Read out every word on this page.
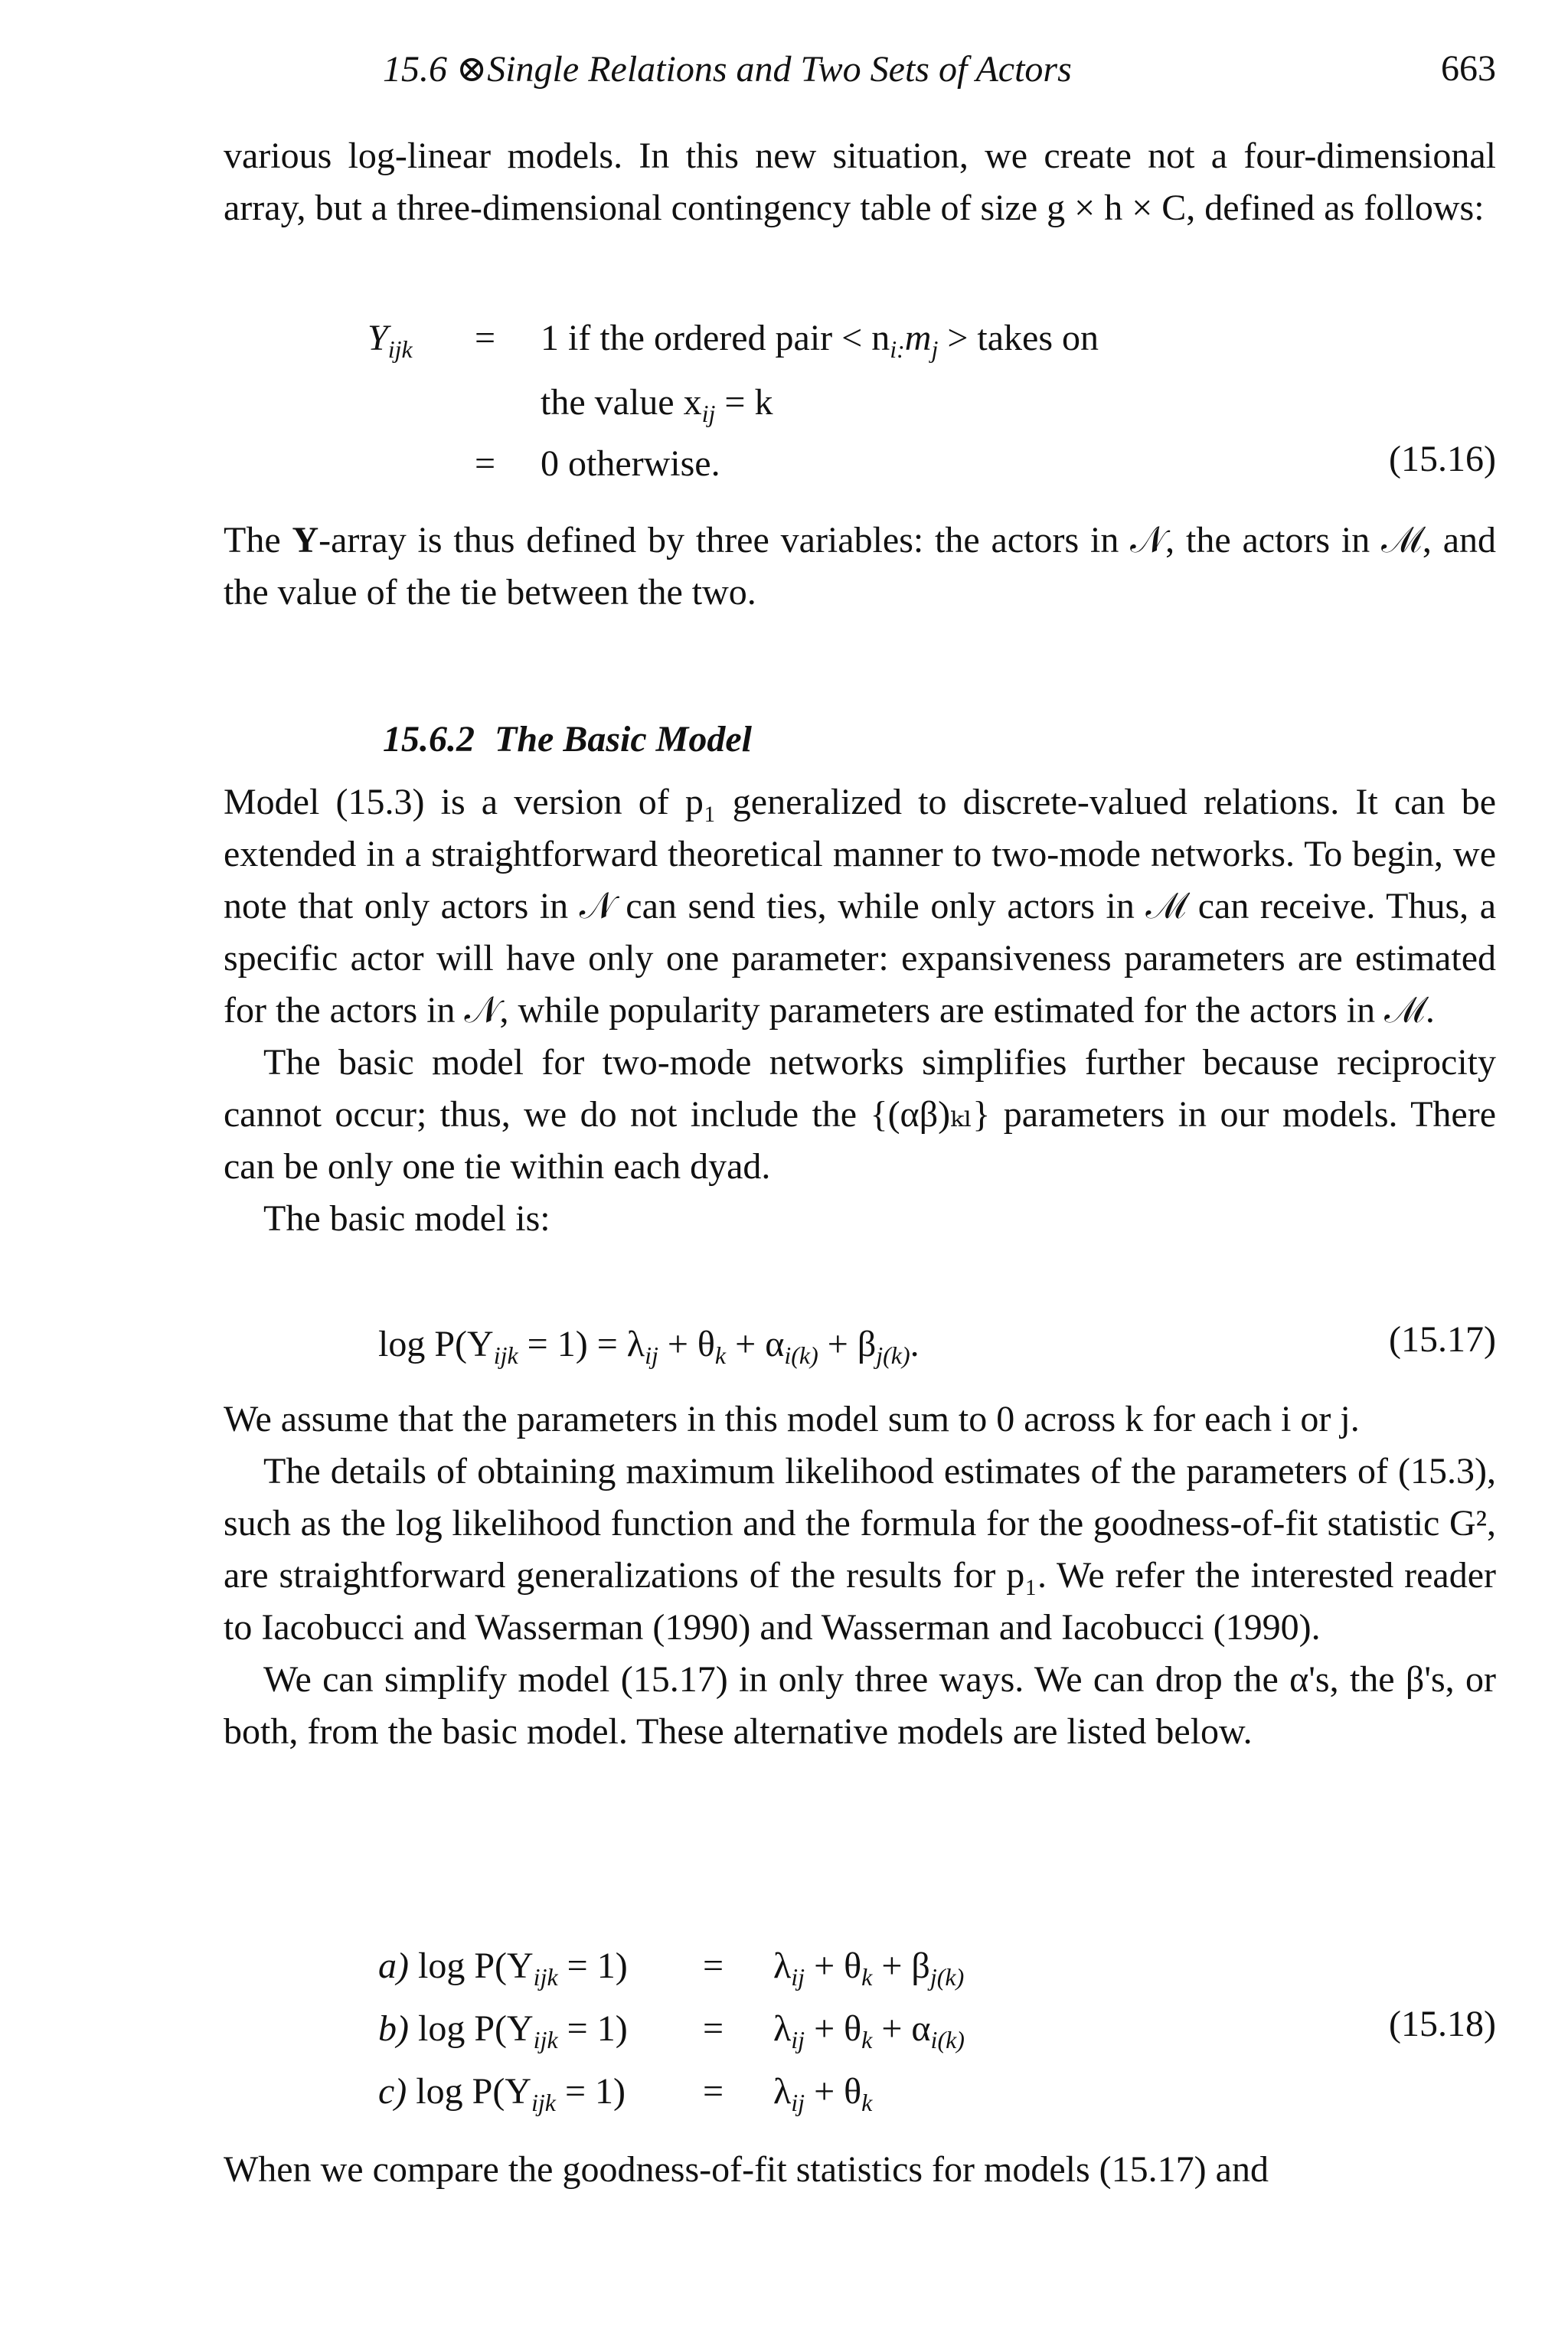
15.6 ⊗Single Relations and Two Sets of Actors	663

various log-linear models. In this new situation, we create not a four-dimensional array, but a three-dimensional contingency table of size g × h × C, defined as follows:

$Y_{ijk} = 1$ if the ordered pair < $n_{i:}m_j$ > takes on
the value $x_{ij} = k$
= 0 otherwise.	(15.16)

The Y-array is thus defined by three variables: the actors in 𝒩, the actors in ℳ, and the value of the tie between the two.

15.6.2 The Basic Model

Model (15.3) is a version of p₁ generalized to discrete-valued relations. It can be extended in a straightforward theoretical manner to two-mode networks. To begin, we note that only actors in 𝒩 can send ties, while only actors in ℳ can receive. Thus, a specific actor will have only one parameter: expansiveness parameters are estimated for the actors in 𝒩, while popularity parameters are estimated for the actors in ℳ.

The basic model for two-mode networks simplifies further because reciprocity cannot occur; thus, we do not include the {(αβ)ₖₗ} parameters in our models. There can be only one tie within each dyad.

The basic model is:

$\log P(Y_{ijk} = 1) = \lambda_{ij} + \theta_k + \alpha_{i(k)} + \beta_{j(k)}$.	(15.17)

We assume that the parameters in this model sum to 0 across k for each i or j.

The details of obtaining maximum likelihood estimates of the parameters of (15.3), such as the log likelihood function and the formula for the goodness-of-fit statistic G², are straightforward generalizations of the results for p₁. We refer the interested reader to Iacobucci and Wasserman (1990) and Wasserman and Iacobucci (1990).

We can simplify model (15.17) in only three ways. We can drop the α's, the β's, or both, from the basic model. These alternative models are listed below.

a) $\log P(Y_{ijk} = 1) = \lambda_{ij} + \theta_k + \beta_{j(k)}$
b) $\log P(Y_{ijk} = 1) = \lambda_{ij} + \theta_k + \alpha_{i(k)}$	(15.18)
c) $\log P(Y_{ijk} = 1) = \lambda_{ij} + \theta_k$

When we compare the goodness-of-fit statistics for models (15.17) and
